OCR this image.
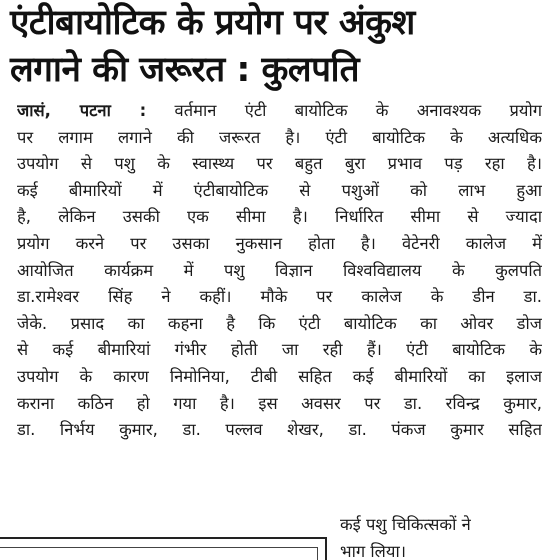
एंटीबायोटिक के प्रयोग पर अंकुश
लगाने की जरूरत : कुलपति
जासं, पटना : वर्तमान एंटी बायोटिक के अनावश्यक प्रयोग
पर लगाम लगाने की जरूरत है। एंटी बायोटिक के अत्यधिक
उपयोग से पशु के स्वास्थ्य पर बहुत बुरा प्रभाव पड़ रहा है।
कई बीमारियों में एंटीबायोटिक से पशुओं को लाभ हुआ
है, लेकिन उसकी एक सीमा है। निर्धारित सीमा से ज्यादा
प्रयोग करने पर उसका नुकसान होता है। वेटेनरी कालेज में
आयोजित कार्यक्रम में पशु विज्ञान विश्वविद्यालय के कुलपति
डा.रामेश्वर सिंह ने कहीं। मौके पर कालेज के डीन डा.
जेके. प्रसाद का कहना है कि एंटी बायोटिक का ओवर डोज
से कई बीमारियां गंभीर होती जा रही हैं। एंटी बायोटिक के
उपयोग के कारण निमोनिया, टीबी सहित कई बीमारियों का इलाज
कराना कठिन हो गया है। इस अवसर पर डा. रविन्द्र कुमार,
डा. निर्भय कुमार, डा. पल्लव शेखर, डा. पंकज कुमार सहित
कई पशु चिकित्सकों ने
भाग लिया।
